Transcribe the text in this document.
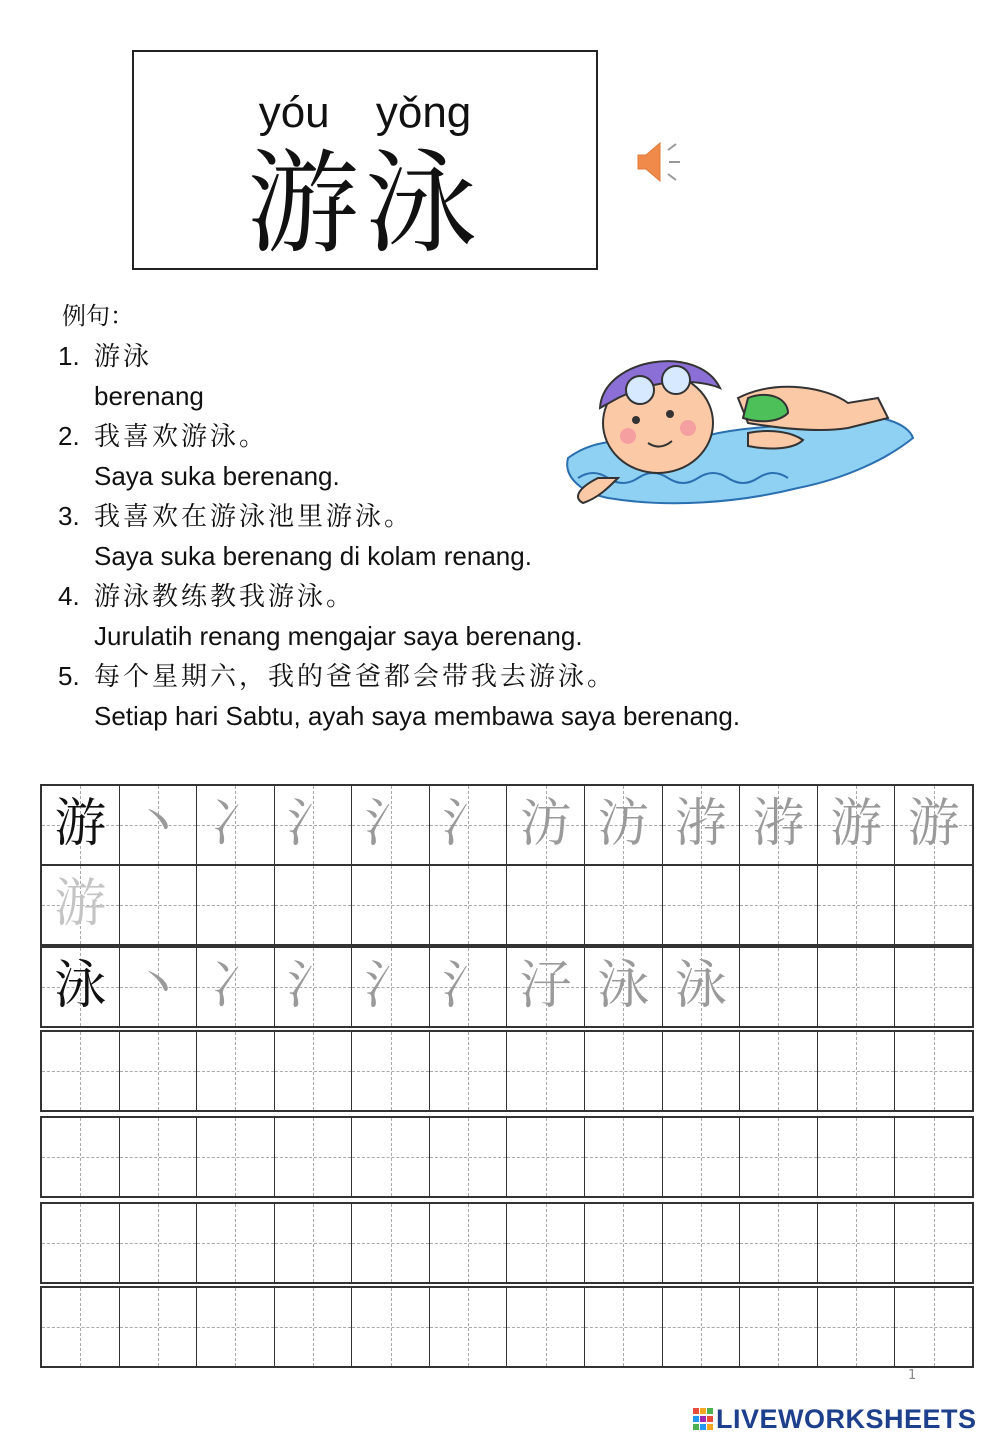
yóu yǒng
游泳
例句：
1. 游泳
berenang
2. 我喜欢游泳。
Saya suka berenang.
3. 我喜欢在游泳池里游泳。
Saya suka berenang di kolam renang.
4. 游泳教练教我游泳。
Jurulatih renang mengajar saya berenang.
5. 每个星期六，我的爸爸都会带我去游泳。
Setiap hari Sabtu, ayah saya membawa saya berenang.
游 丶 冫 氵 氵 氵 汸 汸 㳺 㳺 游 游
游
泳 丶 冫 氵 氵 氵 汓 泳 泳
1
LIVEWORKSHEETS
